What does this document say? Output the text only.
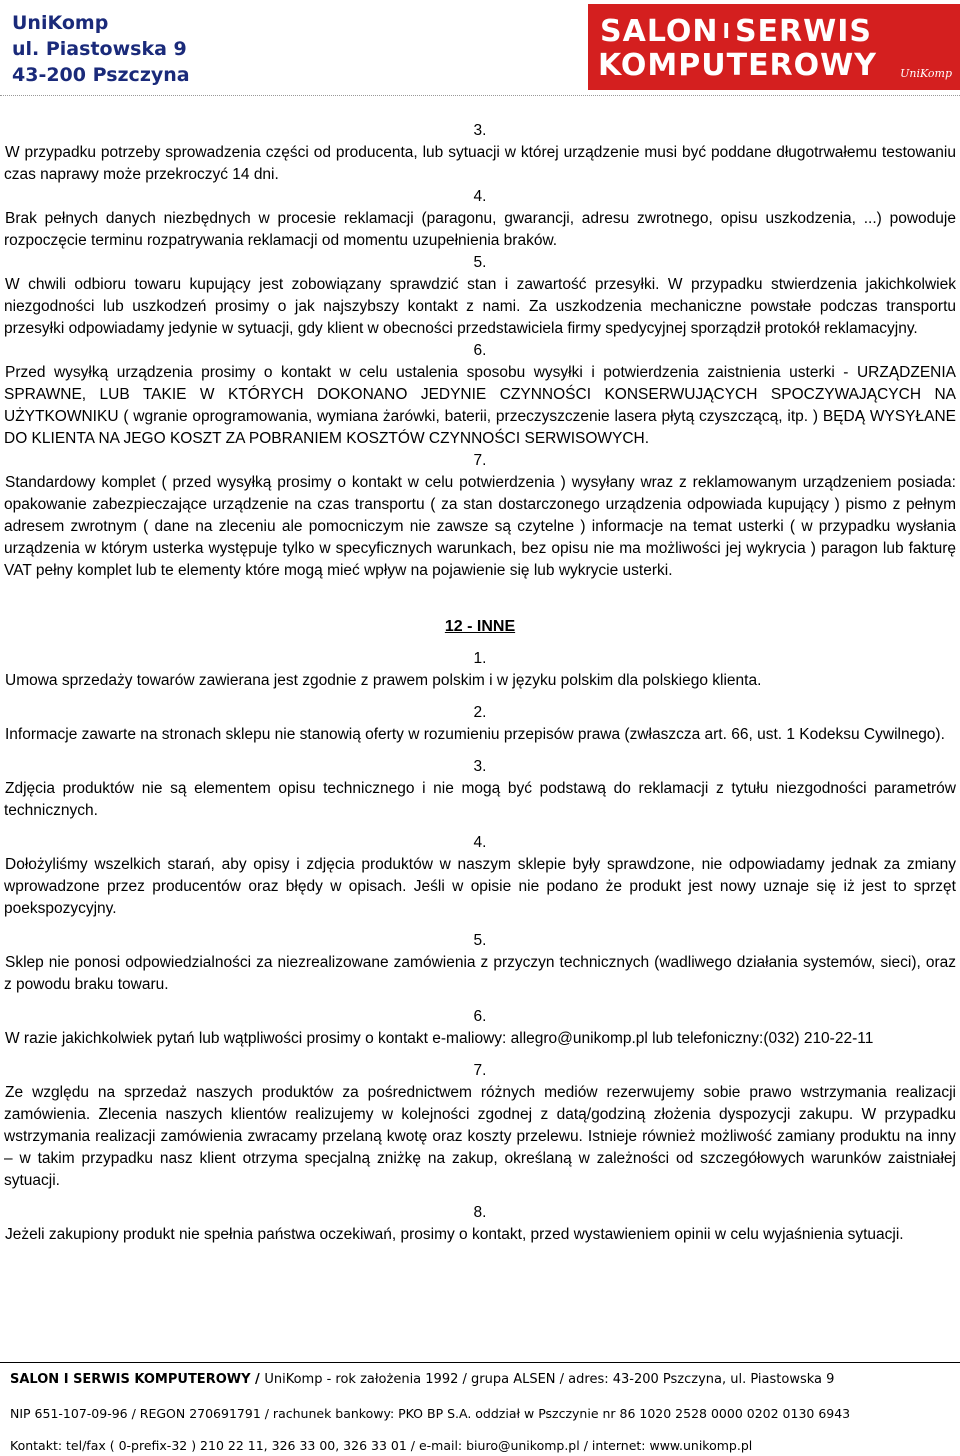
UniKomp
ul. Piastowska 9
43-200 Pszczyna
SALON I SERWIS
KOMPUTEROWY UniKomp
3.

W przypadku potrzeby sprowadzenia części od producenta, lub sytuacji w której urządzenie musi być poddane długotrwałemu testowaniu czas naprawy może przekroczyć 14 dni.

4.

Brak pełnych danych niezbędnych w procesie reklamacji (paragonu, gwarancji, adresu zwrotnego, opisu uszkodzenia, ...) powoduje rozpoczęcie terminu rozpatrywania reklamacji od momentu uzupełnienia braków.

5.

W chwili odbioru towaru kupujący jest zobowiązany sprawdzić stan i zawartość przesyłki. W przypadku stwierdzenia jakichkolwiek niezgodności lub uszkodzeń prosimy o jak najszybszy kontakt z nami. Za uszkodzenia mechaniczne powstałe podczas transportu przesyłki odpowiadamy jedynie w sytuacji, gdy klient w obecności przedstawiciela firmy spedycyjnej sporządził protokół reklamacyjny.

6.

Przed wysyłką urządzenia prosimy o kontakt w celu ustalenia sposobu wysyłki i potwierdzenia zaistnienia usterki - URZĄDZENIA SPRAWNE, LUB TAKIE W KTÓRYCH DOKONANO JEDYNIE CZYNNOŚCI KONSERWUJĄCYCH SPOCZYWAJĄCYCH NA UŻYTKOWNIKU ( wgranie oprogramowania, wymiana żarówki, baterii, przeczyszczenie lasera płytą czyszczącą, itp. ) BĘDĄ WYSYŁANE DO KLIENTA NA JEGO KOSZT ZA POBRANIEM KOSZTÓW CZYNNOŚCI SERWISOWYCH.

7.

Standardowy komplet ( przed wysyłką prosimy o kontakt w celu potwierdzenia ) wysyłany wraz z reklamowanym urządzeniem posiada: opakowanie zabezpieczające urządzenie na czas transportu ( za stan dostarczonego urządzenia odpowiada kupujący ) pismo z pełnym adresem zwrotnym ( dane na zleceniu ale pomocniczym nie zawsze są czytelne ) informacje na temat usterki ( w przypadku wysłania urządzenia w którym usterka występuje tylko w specyficznych warunkach, bez opisu nie ma możliwości jej wykrycia ) paragon lub fakturę VAT pełny komplet lub te elementy które mogą mieć wpływ na pojawienie się lub wykrycie usterki.

12 - INNE
1.

Umowa sprzedaży towarów zawierana jest zgodnie z prawem polskim i w języku polskim dla polskiego klienta.

2.

Informacje zawarte na stronach sklepu nie stanowią oferty w rozumieniu przepisów prawa (zwłaszcza art. 66, ust. 1 Kodeksu Cywilnego).

3.

Zdjęcia produktów nie są elementem opisu technicznego i nie mogą być podstawą do reklamacji z tytułu niezgodności parametrów technicznych.

4.

Dołożyliśmy wszelkich starań, aby opisy i zdjęcia produktów w naszym sklepie były sprawdzone, nie odpowiadamy jednak za zmiany wprowadzone przez producentów oraz błędy w opisach. Jeśli w opisie nie podano że produkt jest nowy uznaje się iż jest to sprzęt poekspozycyjny.

5.

Sklep nie ponosi odpowiedzialności za niezrealizowane zamówienia z przyczyn technicznych (wadliwego działania systemów, sieci), oraz z powodu braku towaru.

6.

W razie jakichkolwiek pytań lub wątpliwości prosimy o kontakt e-maliowy: allegro@unikomp.pl lub telefoniczny:(032) 210-22-11

7.

Ze względu na sprzedaż naszych produktów za pośrednictwem różnych mediów rezerwujemy sobie prawo wstrzymania realizacji zamówienia. Zlecenia naszych klientów realizujemy w kolejności zgodnej z datą/godziną złożenia dyspozycji zakupu. W przypadku wstrzymania realizacji zamówienia zwracamy przelaną kwotę oraz koszty przelewu. Istnieje również możliwość zamiany produktu na inny – w takim przypadku nasz klient otrzyma specjalną zniżkę na zakup, określaną w zależności od szczegółowych warunków zaistniałej sytuacji.

8.

Jeżeli zakupiony produkt nie spełnia państwa oczekiwań, prosimy o kontakt, przed wystawieniem opinii w celu wyjaśnienia sytuacji.

SALON I SERWIS KOMPUTEROWY / UniKomp - rok założenia 1992 / grupa ALSEN / adres: 43-200 Pszczyna, ul. Piastowska 9
NIP 651-107-09-96 / REGON 270691791 / rachunek bankowy: PKO BP S.A. oddział w Pszczynie nr 86 1020 2528 0000 0202 0130 6943
Kontakt: tel/fax ( 0-prefix-32 ) 210 22 11, 326 33 00, 326 33 01 / e-mail: biuro@unikomp.pl / internet: www.unikomp.pl
